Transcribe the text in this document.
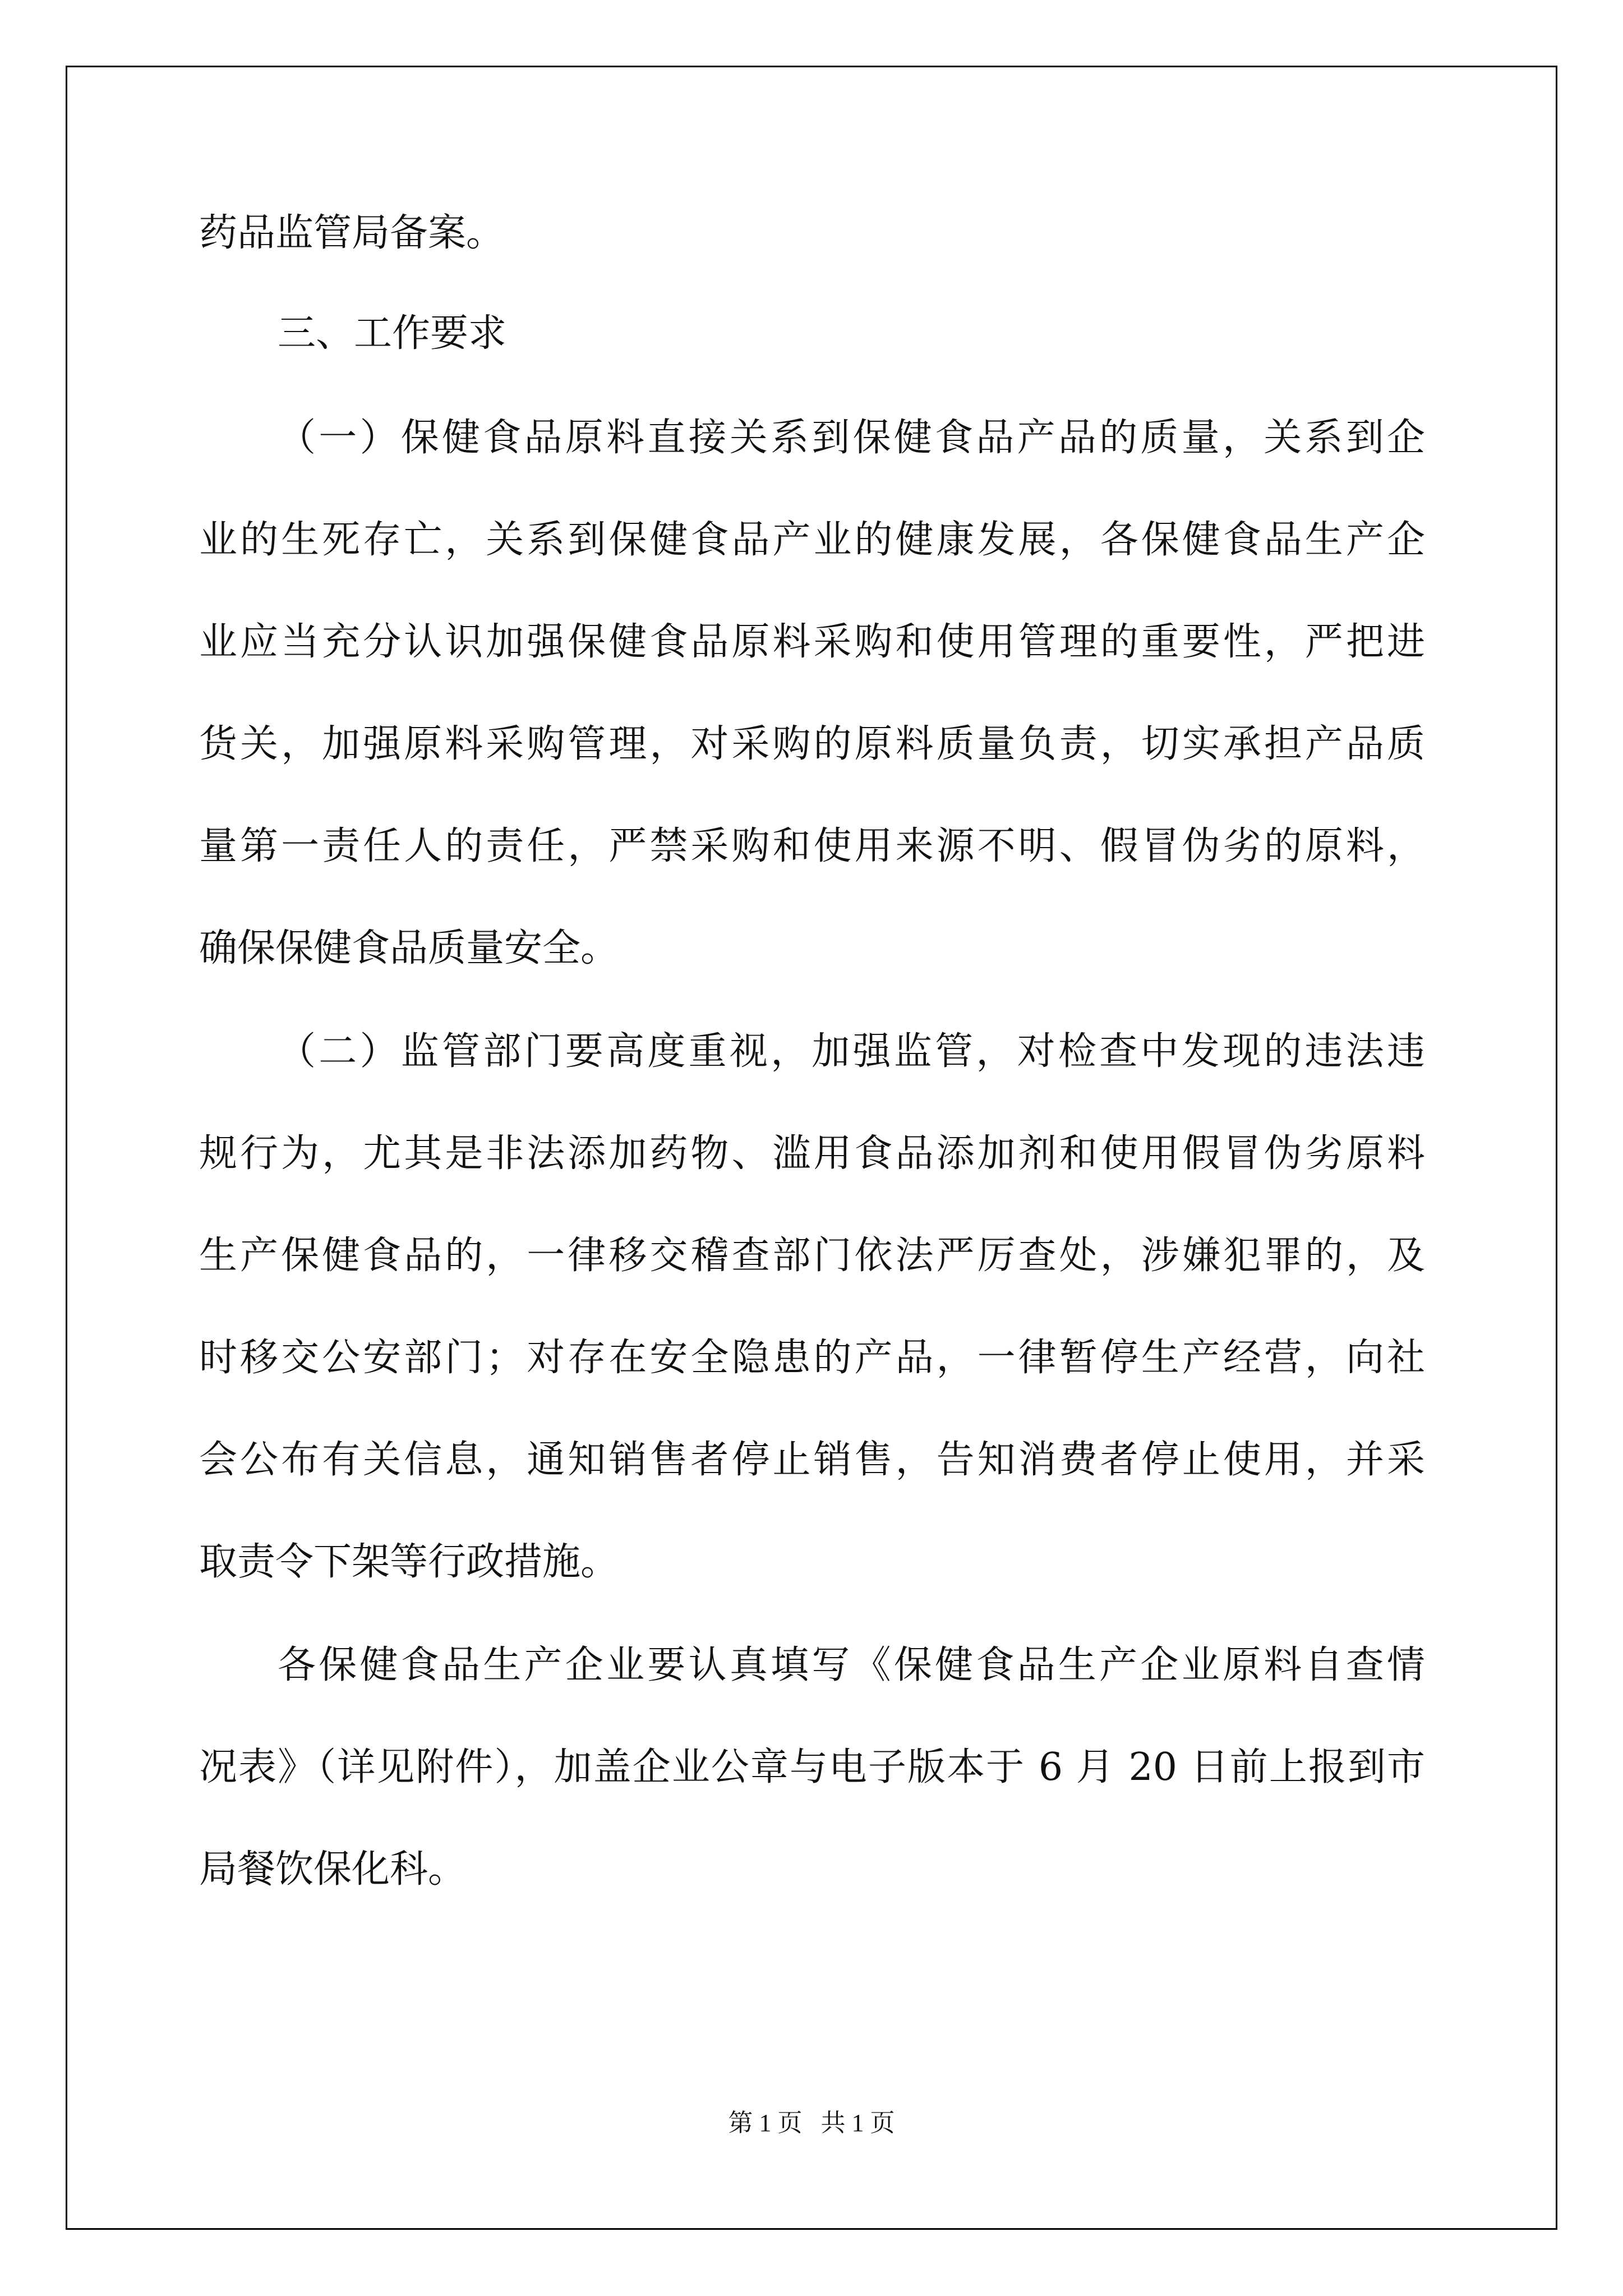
药品监管局备案。

三、工作要求

（一）保健食品原料直接关系到保健食品产品的质量，关系到企

业的生死存亡，关系到保健食品产业的健康发展，各保健食品生产企

业应当充分认识加强保健食品原料采购和使用管理的重要性，严把进

货关，加强原料采购管理，对采购的原料质量负责，切实承担产品质

量第一责任人的责任，严禁采购和使用来源不明、假冒伪劣的原料，

确保保健食品质量安全。

（二）监管部门要高度重视，加强监管，对检查中发现的违法违

规行为，尤其是非法添加药物、滥用食品添加剂和使用假冒伪劣原料

生产保健食品的，一律移交稽查部门依法严厉查处，涉嫌犯罪的，及

时移交公安部门；对存在安全隐患的产品，一律暂停生产经营，向社

会公布有关信息，通知销售者停止销售，告知消费者停止使用，并采

取责令下架等行政措施。

各保健食品生产企业要认真填写《保健食品生产企业原料自查情

况表》（详见附件），加盖企业公章与电子版本于 6 月 20 日前上报到市

局餐饮保化科。

第 1 页   共 1 页
